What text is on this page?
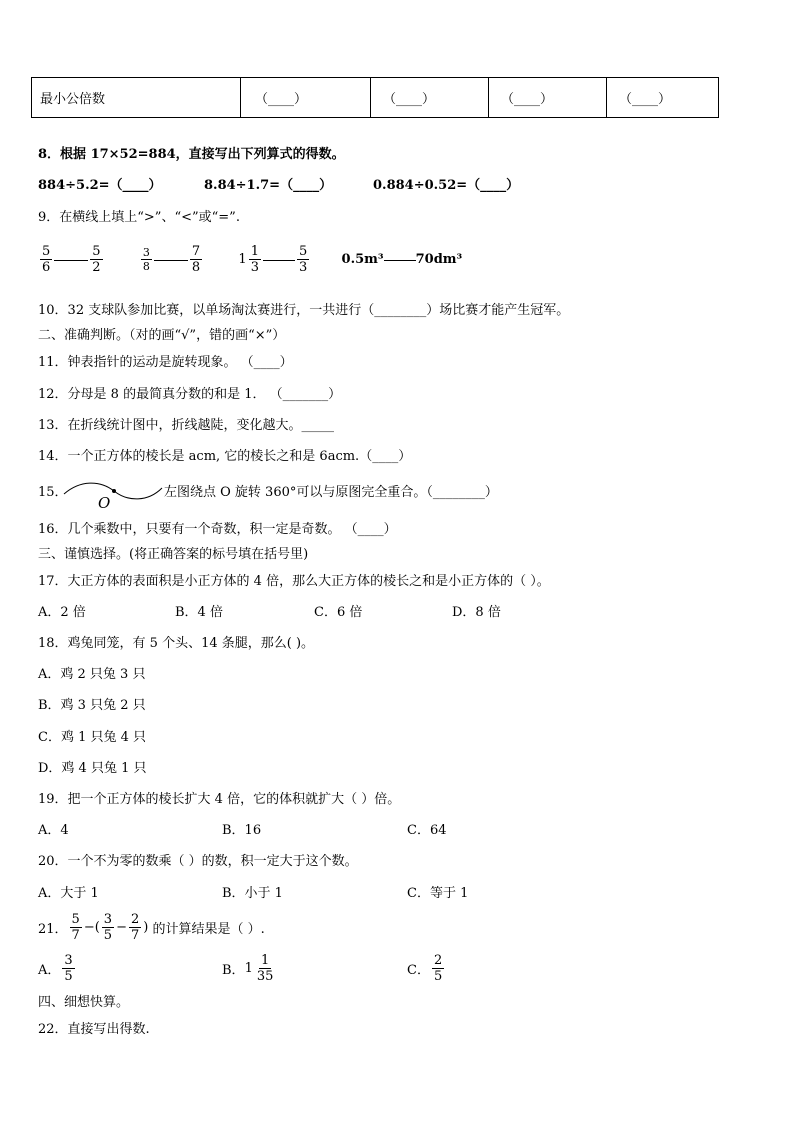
最小公倍数	（____）	（____）	（____）	（____）
8．根据 17×52=884，直接写出下列算式的得数。
884÷5.2=（____）	8.84÷1.7=（____）	0.884÷0.52=（____）
9．在横线上填上“>”、“<”或“=”.
$\frac{5}{6}$	$\frac{5}{2}$
	$\frac{3}{8}$	$\frac{7}{8}$	$1 \frac{1}{3}$	$\frac{5}{3} 0.5m^3$ 70dm³
10．32 支球队参加比赛，以单场淘汰赛进行，一共进行（________）场比赛才能产生冠军。
二、准确判断。（对的画“√”，错的画“×”）
11．钟表指针的运动是旋转现象。 （____）
12．分母是 8 的最简真分数的和是 1． （_______）
13．在折线统计图中，折线越陡，变化越大。_____
14．一个正方体的棱长是 acm, 它的棱长之和是 6acm.（____）
15．
O
左图绕点 O 旋转 360°可以与原图完全重合。（________）
16．几个乘数中，只要有一个奇数，积一定是奇数。 （____）
三、谨慎选择。(将正确答案的标号填在括号里)
17．大正方体的表面积是小正方体的 4 倍，那么大正方体的棱长之和是小正方体的（ ）。
A．2 倍	B．4 倍	C．6 倍	D．8 倍
18．鸡兔同笼，有 5 个头、14 条腿，那么( )。
A．鸡 2 只兔 3 只
B．鸡 3 只兔 2 只
C．鸡 1 只兔 4 只
D．鸡 4 只兔 1 只
19．把一个正方体的棱长扩大 4 倍，它的体积就扩大（ ）倍。
A．4	B．16	C．64
20．一个不为零的数乘（ ）的数，积一定大于这个数。
A．大于 1	B．小于 1	C．等于 1
21． $\frac{5}{7}$ −( $\frac{3}{5} - \frac{2}{7}$ ) 的计算结果是（ ）.
A． $\frac{3}{5}$	B．$1 \frac{1}{35}$	C． $\frac{2}{5}$
四、细想快算。
22．直接写出得数.
